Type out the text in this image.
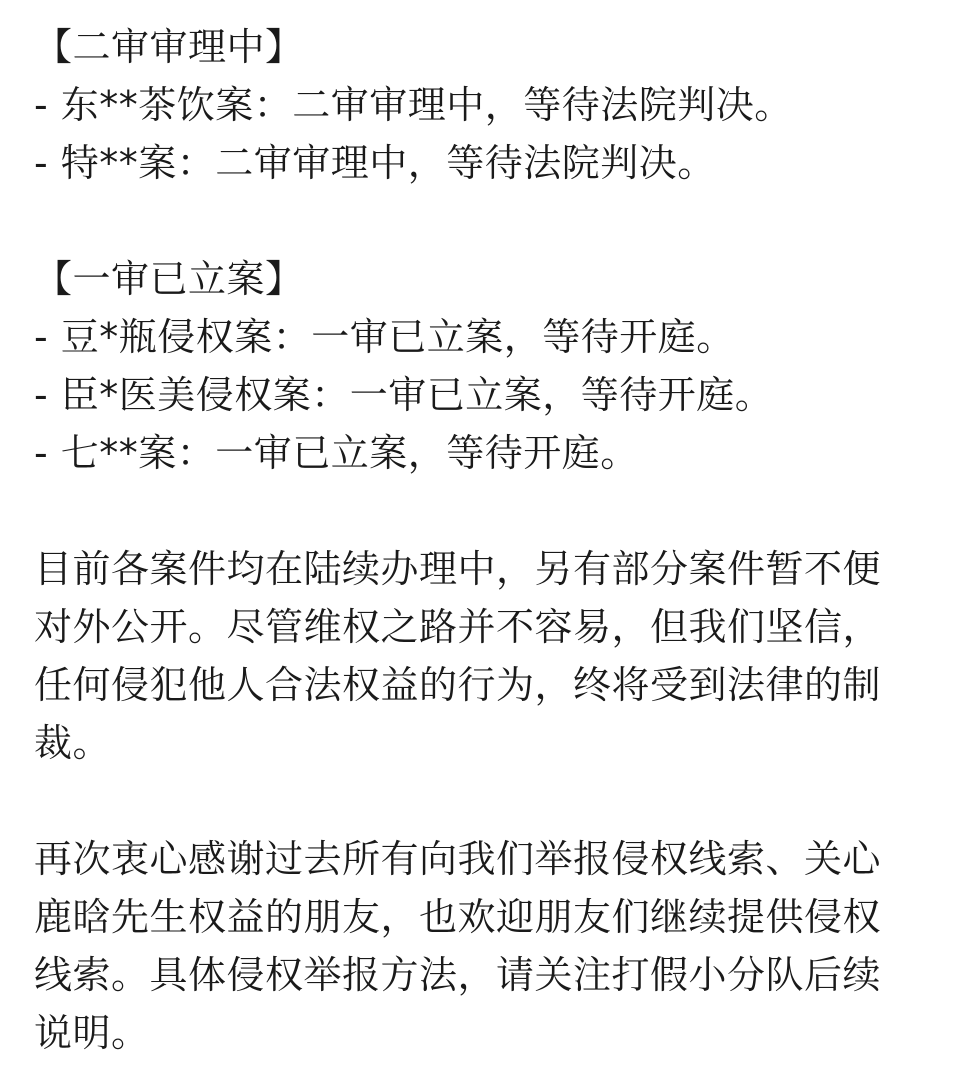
【二审审理中】
- 东**茶饮案：二审审理中，等待法院判决。
- 特**案：二审审理中，等待法院判决。
【一审已立案】
- 豆*瓶侵权案：一审已立案，等待开庭。
- 臣*医美侵权案：一审已立案，等待开庭。
- 七**案：一审已立案，等待开庭。
目前各案件均在陆续办理中，另有部分案件暂不便
对外公开。尽管维权之路并不容易，但我们坚信，
任何侵犯他人合法权益的行为，终将受到法律的制
裁。
再次衷心感谢过去所有向我们举报侵权线索、关心
鹿晗先生权益的朋友，也欢迎朋友们继续提供侵权
线索。具体侵权举报方法，请关注打假小分队后续
说明。
